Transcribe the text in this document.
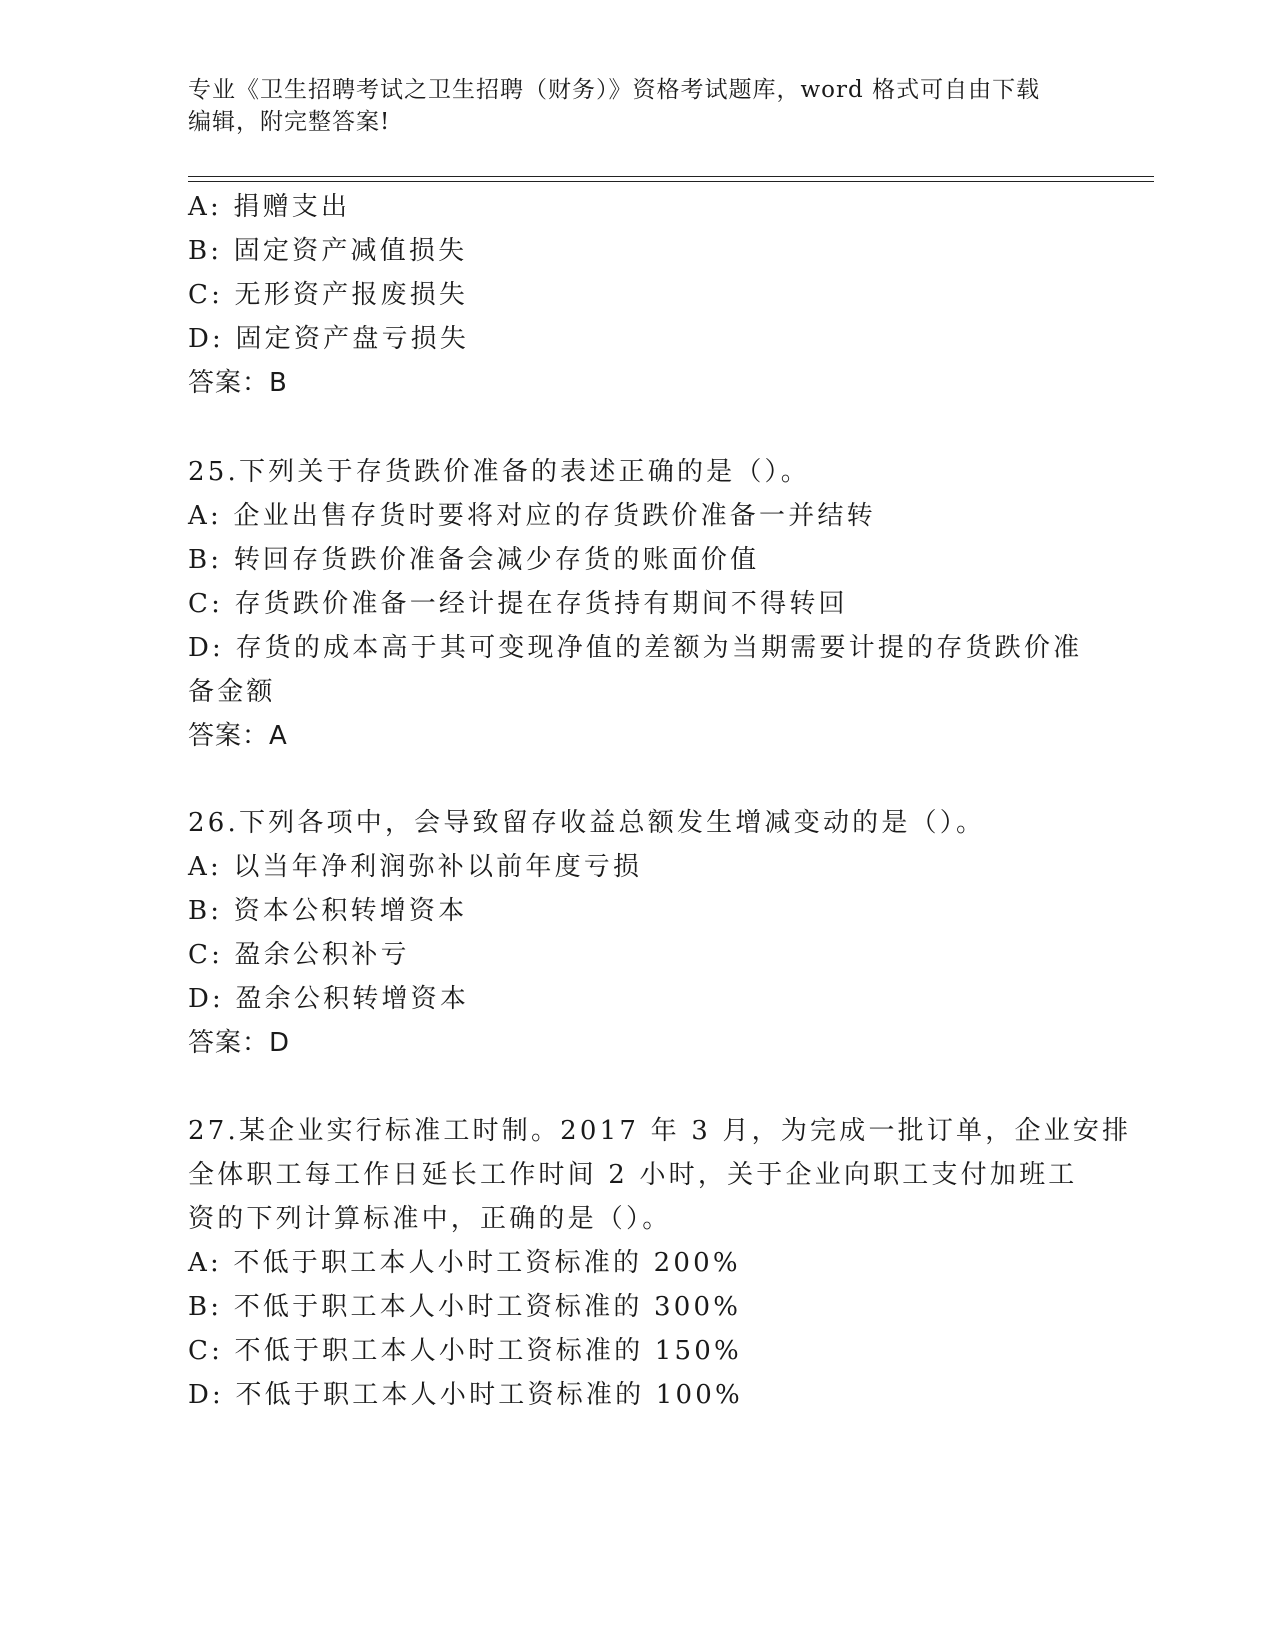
专业《卫生招聘考试之卫生招聘（财务）》资格考试题库，word 格式可自由下载
编辑，附完整答案!
A: 捐赠支出
B: 固定资产减值损失
C: 无形资产报废损失
D: 固定资产盘亏损失
答案：B
25.下列关于存货跌价准备的表述正确的是（）。
A: 企业出售存货时要将对应的存货跌价准备一并结转
B: 转回存货跌价准备会减少存货的账面价值
C: 存货跌价准备一经计提在存货持有期间不得转回
D: 存货的成本高于其可变现净值的差额为当期需要计提的存货跌价准
备金额
答案：A
26.下列各项中，会导致留存收益总额发生增减变动的是（）。
A: 以当年净利润弥补以前年度亏损
B: 资本公积转增资本
C: 盈余公积补亏
D: 盈余公积转增资本
答案：D
27.某企业实行标准工时制。2017 年 3 月，为完成一批订单，企业安排
全体职工每工作日延长工作时间 2 小时，关于企业向职工支付加班工
资的下列计算标准中，正确的是（）。
A: 不低于职工本人小时工资标准的 200%
B: 不低于职工本人小时工资标准的 300%
C: 不低于职工本人小时工资标准的 150%
D: 不低于职工本人小时工资标准的 100%
